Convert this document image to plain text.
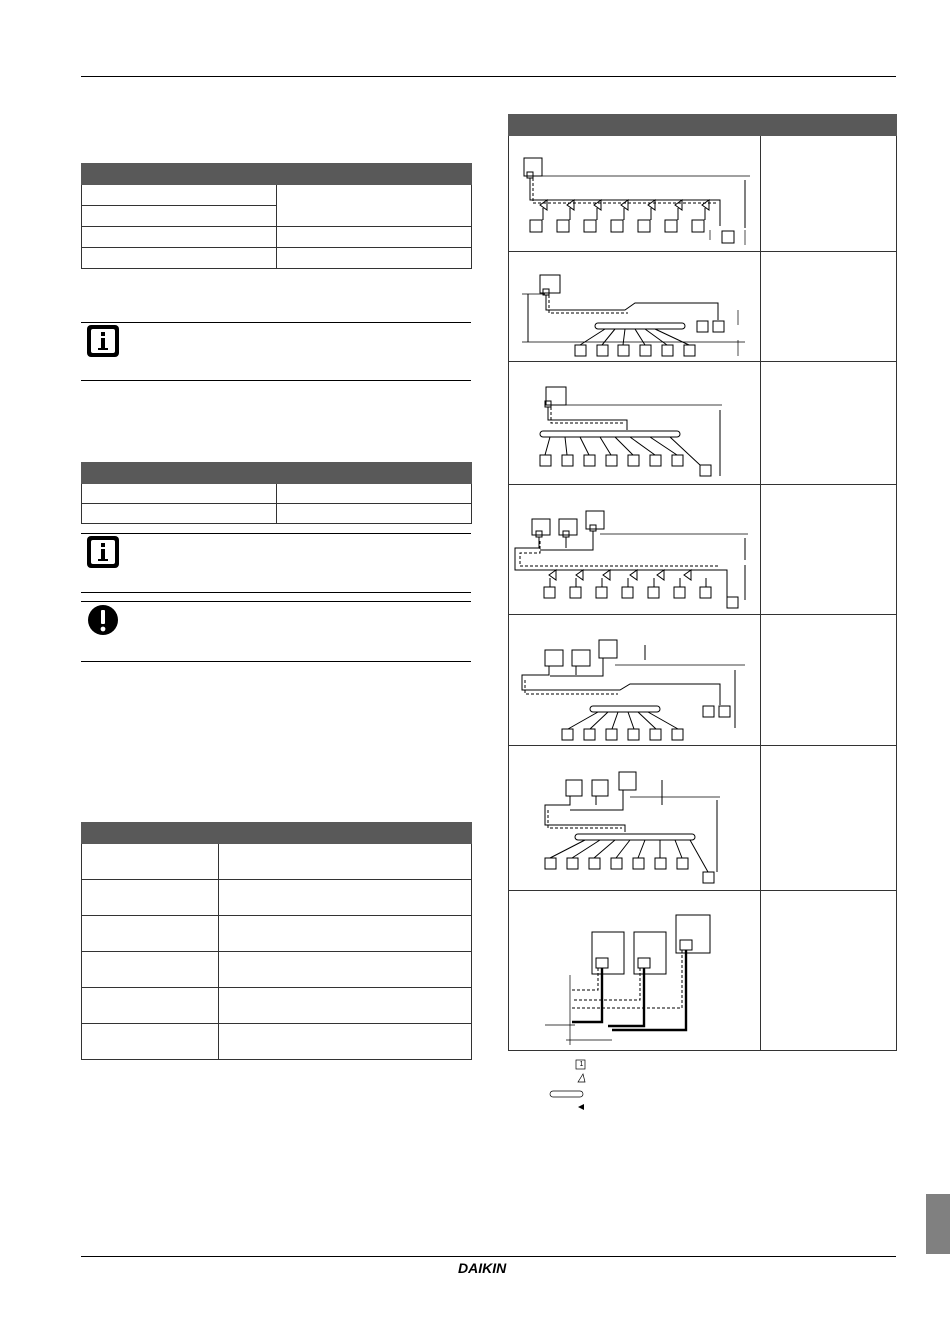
1
DAIKIN
